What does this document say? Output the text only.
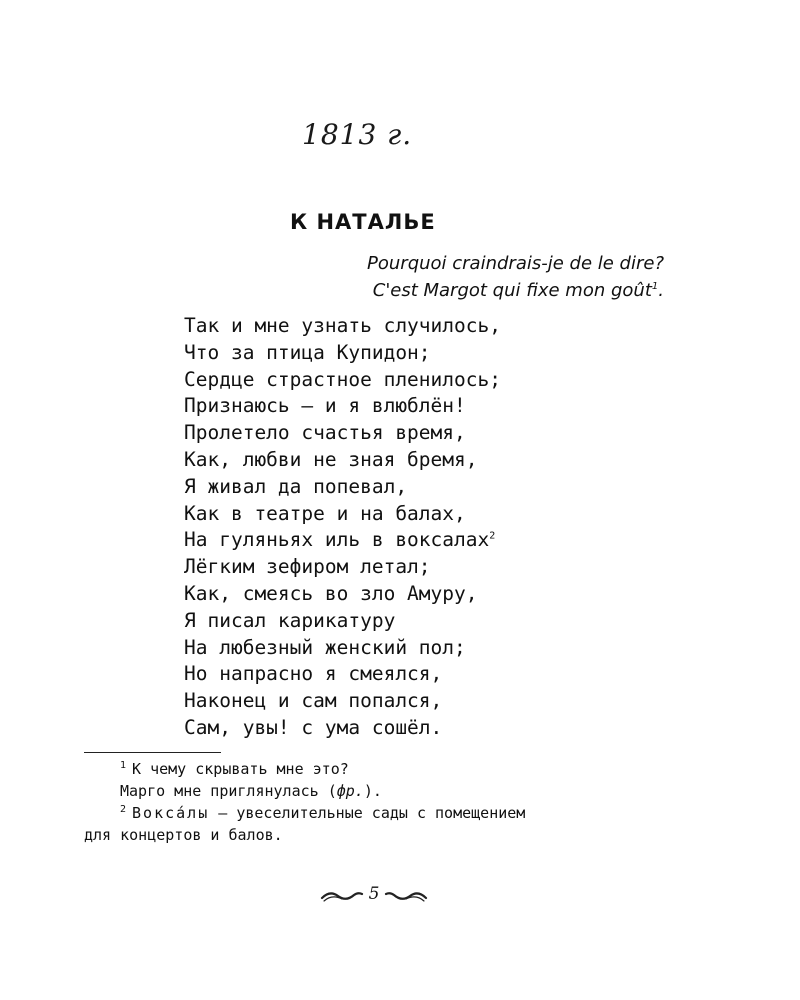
1813 г.
К НАТАЛЬЕ
Pourquoi craindrais-je de le dire?
C'est Margot qui fixe mon goût$^1$.
Так и мне узнать случилось,
Что за птица Купидон;
Сердце страстное пленилось;
Признаюсь — и я влюблён!
Пролетело счастья время,
Как, любви не зная бремя,
Я живал да попевал,
Как в театре и на балах,
На гуляньях иль в воксалах$^2$
Лёгким зефиром летал;
Как, смеясь во зло Амуру,
Я писал карикатуру
На любезный женский пол;
Но напрасно я смеялся,
Наконец и сам попался,
Сам, увы! с ума сошёл.
$^1$ К чему скрывать мне это?
Марго мне приглянулась (фр.).
$^2$ Воксáлы — увеселительные сады с помещением
для концертов и балов.
5
